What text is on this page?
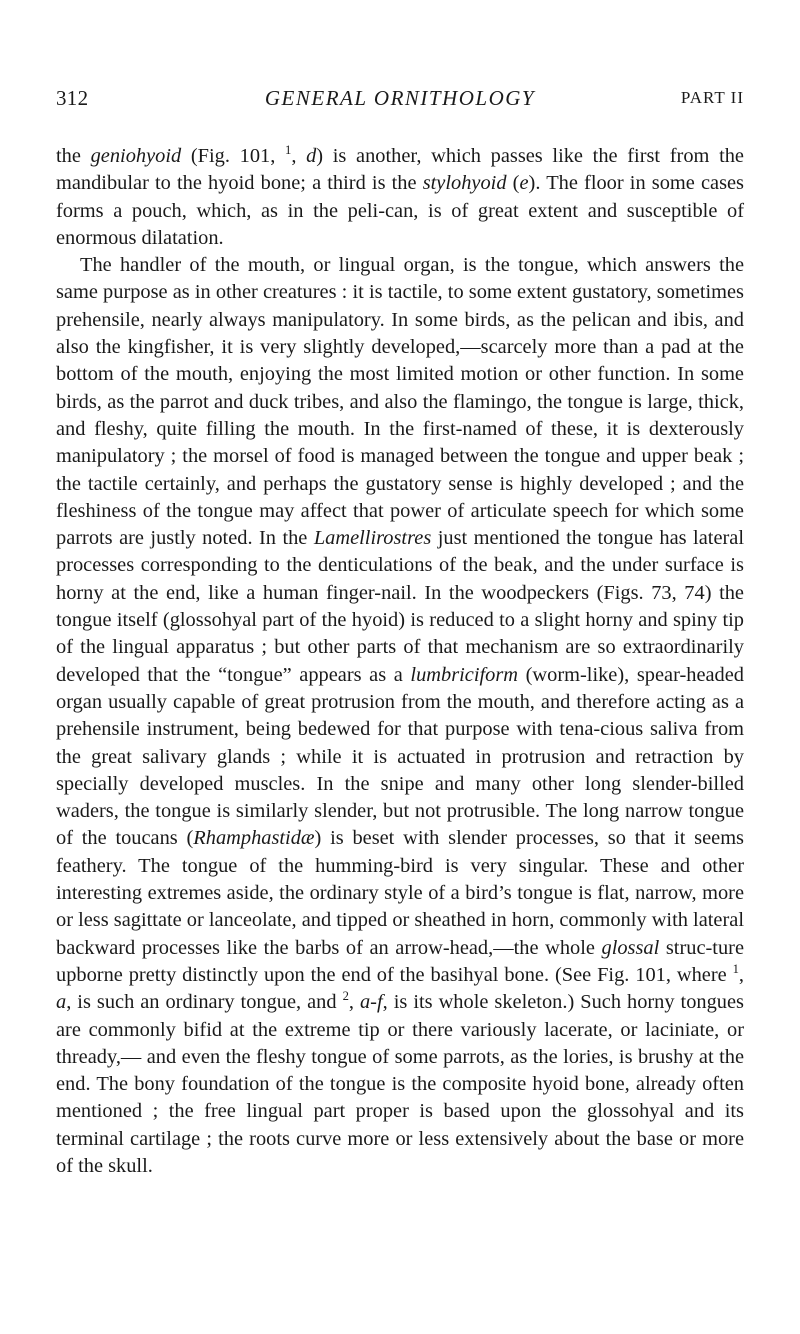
312	GENERAL ORNITHOLOGY	PART II

the geniohyoid (Fig. 101, $^1$, d) is another, which passes like the first from the mandibular to the hyoid bone; a third is the stylohyoid (e). The floor in some cases forms a pouch, which, as in the peli-can, is of great extent and susceptible of enormous dilatation.

The handler of the mouth, or lingual organ, is the tongue, which answers the same purpose as in other creatures : it is tactile, to some extent gustatory, sometimes prehensile, nearly always manipulatory. In some birds, as the pelican and ibis, and also the kingfisher, it is very slightly developed,—scarcely more than a pad at the bottom of the mouth, enjoying the most limited motion or other function. In some birds, as the parrot and duck tribes, and also the flamingo, the tongue is large, thick, and fleshy, quite filling the mouth. In the first-named of these, it is dexterously manipulatory ; the morsel of food is managed between the tongue and upper beak ; the tactile certainly, and perhaps the gustatory sense is highly developed ; and the fleshiness of the tongue may affect that power of articulate speech for which some parrots are justly noted. In the Lamellirostres just mentioned the tongue has lateral processes corresponding to the denticulations of the beak, and the under surface is horny at the end, like a human finger-nail. In the woodpeckers (Figs. 73, 74) the tongue itself (glossohyal part of the hyoid) is reduced to a slight horny and spiny tip of the lingual apparatus ; but other parts of that mechanism are so extraordinarily developed that the “tongue” appears as a lumbriciform (worm-like), spear-headed organ usually capable of great protrusion from the mouth, and therefore acting as a prehensile instrument, being bedewed for that purpose with tena-cious saliva from the great salivary glands ; while it is actuated in protrusion and retraction by specially developed muscles. In the snipe and many other long slender-billed waders, the tongue is similarly slender, but not protrusible. The long narrow tongue of the toucans (Rhamphastidæ) is beset with slender processes, so that it seems feathery. The tongue of the humming-bird is very singular. These and other interesting extremes aside, the ordinary style of a bird’s tongue is flat, narrow, more or less sagittate or lanceolate, and tipped or sheathed in horn, commonly with lateral backward processes like the barbs of an arrow-head,—the whole glossal struc-ture upborne pretty distinctly upon the end of the basihyal bone. (See Fig. 101, where $^1$, a, is such an ordinary tongue, and $^2$, a-f, is its whole skeleton.) Such horny tongues are commonly bifid at the extreme tip or there variously lacerate, or laciniate, or thready,— and even the fleshy tongue of some parrots, as the lories, is brushy at the end. The bony foundation of the tongue is the composite hyoid bone, already often mentioned ; the free lingual part proper is based upon the glossohyal and its terminal cartilage ; the roots curve more or less extensively about the base or more of the skull.
